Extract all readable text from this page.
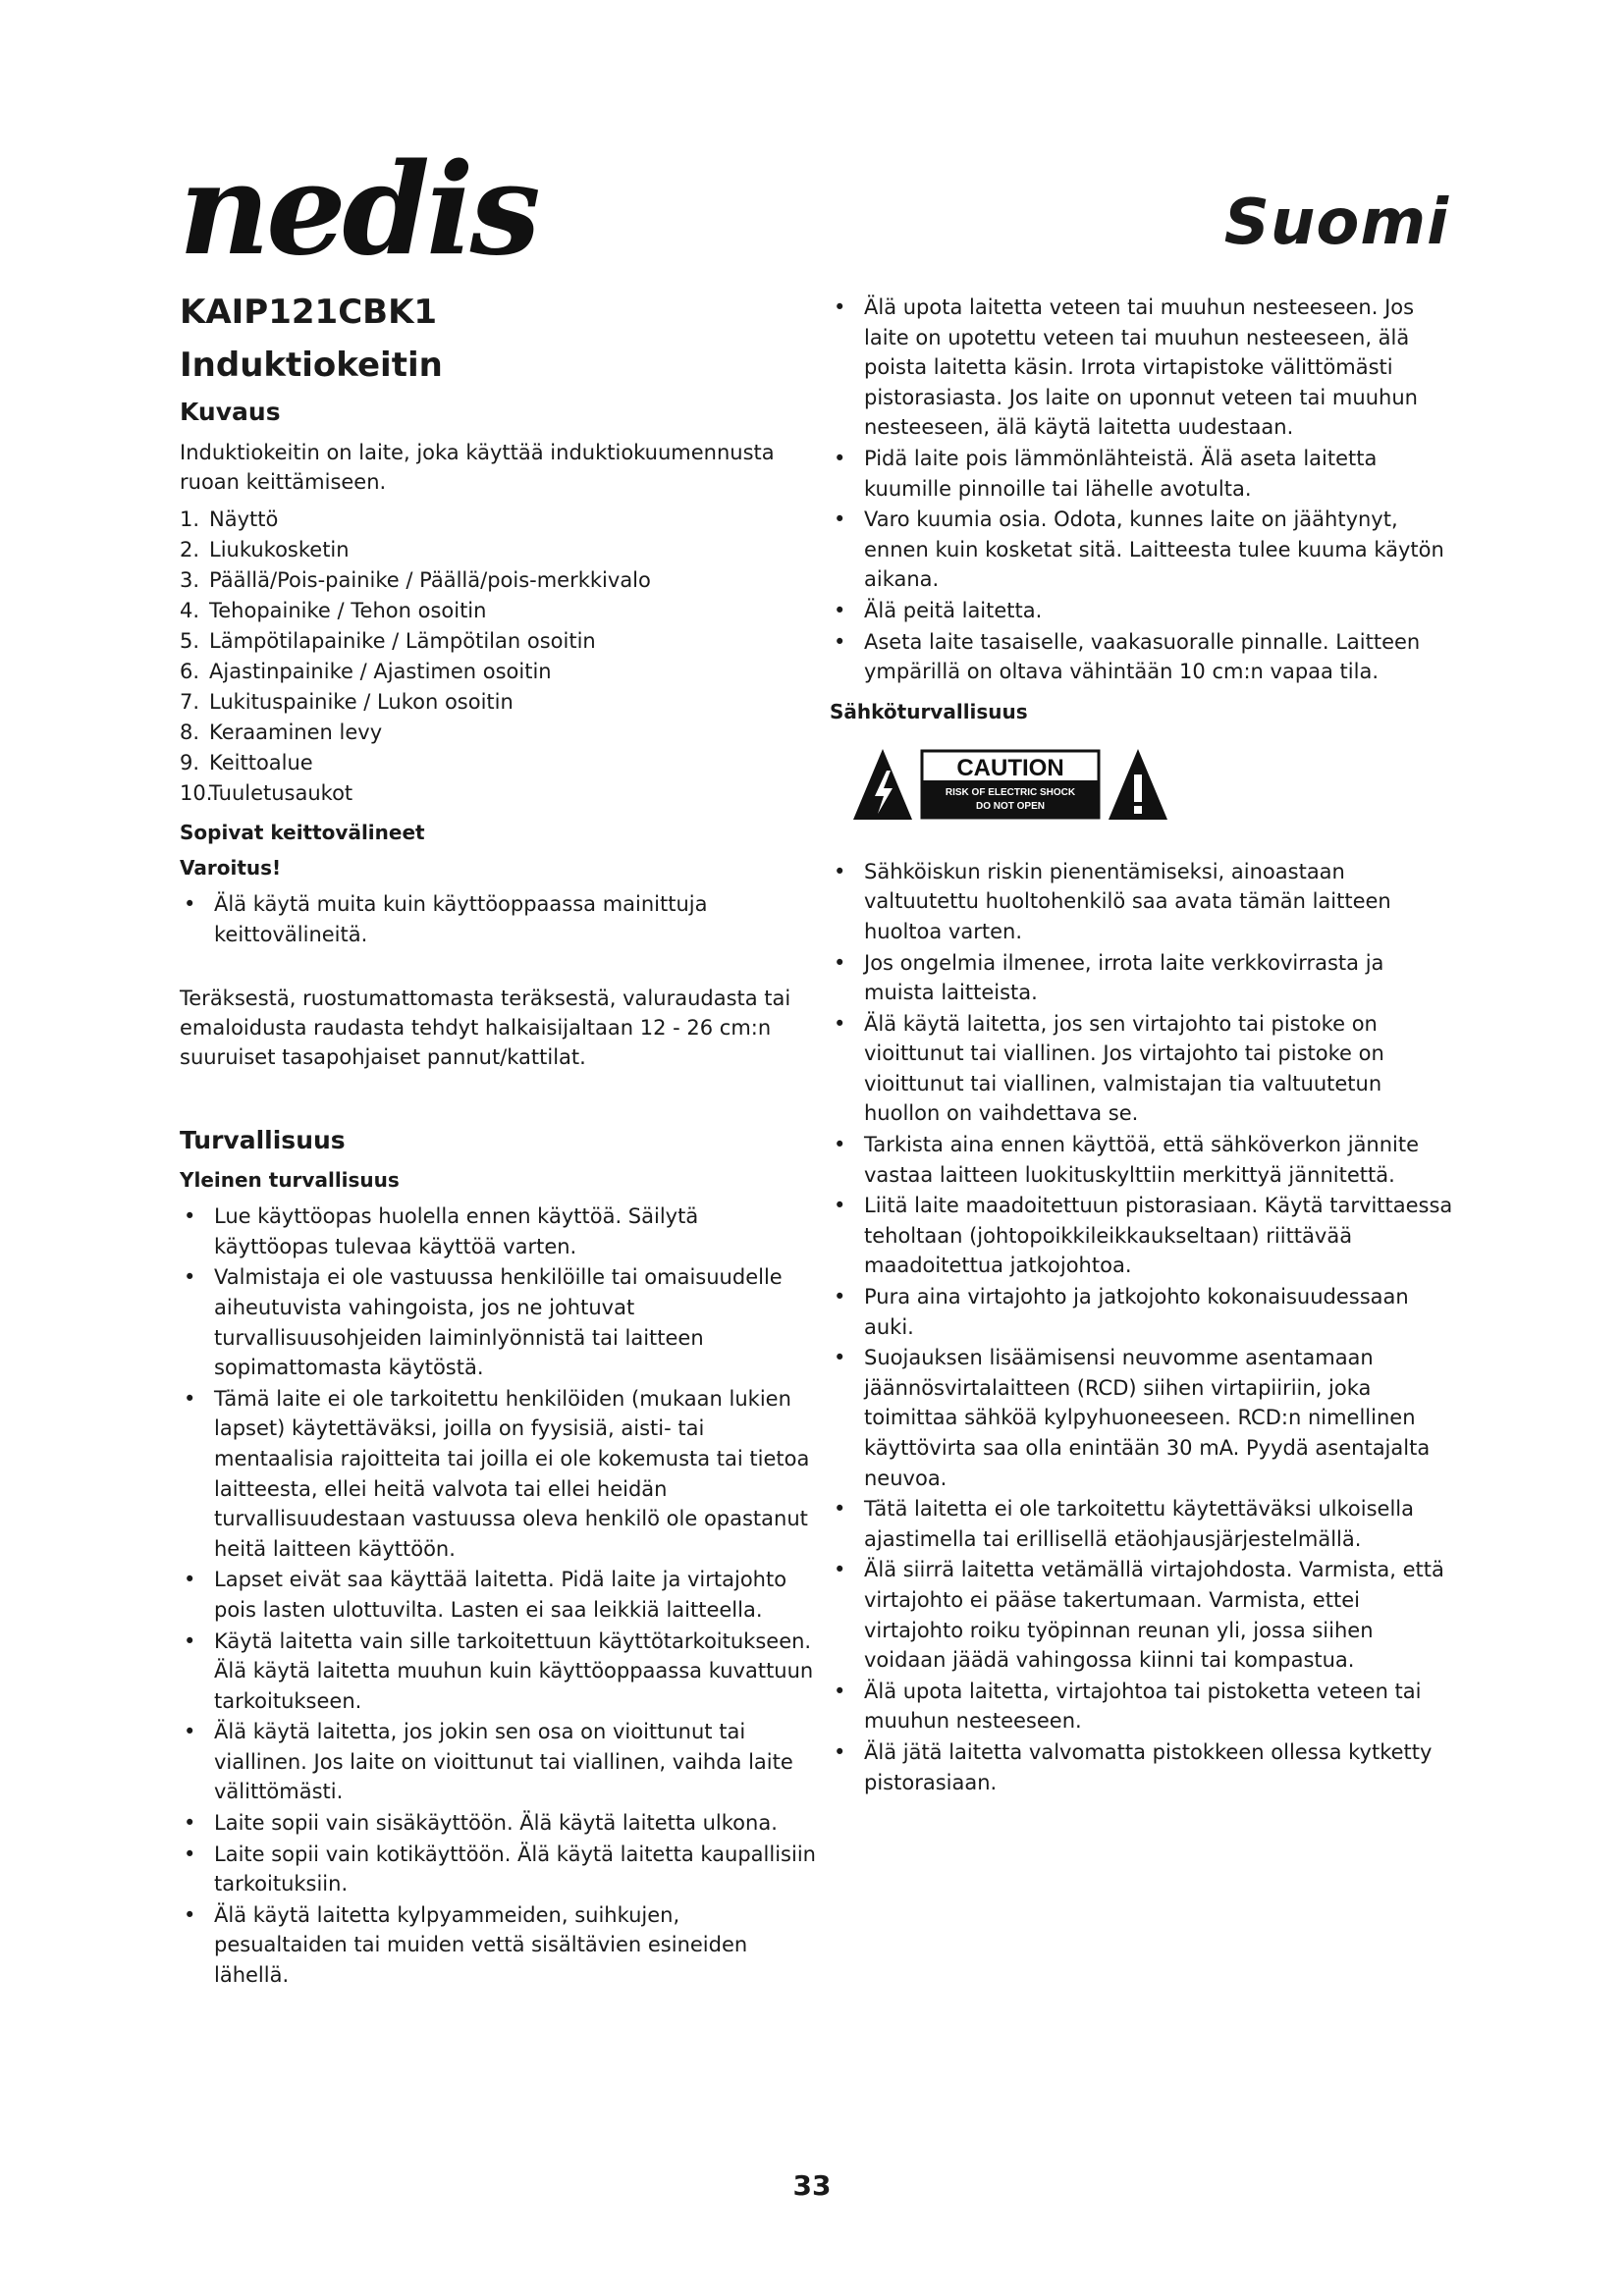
nedis	Suomi
KAIP121CBK1
Induktiokeitin
Kuvaus
Induktiokeitin on laite, joka käyttää induktiokuumennusta ruoan keittämiseen.
1. Näyttö
2. Liukukosketin
3. Päällä/Pois-painike / Päällä/pois-merkkivalo
4. Tehopainike / Tehon osoitin
5. Lämpötilapainike / Lämpötilan osoitin
6. Ajastinpainike / Ajastimen osoitin
7. Lukituspainike / Lukon osoitin
8. Keraaminen levy
9. Keittoalue
10.
Tuuletusaukot
Sopivat keittovälineet
Varoitus!
• Älä käytä muita kuin käyttöoppaassa mainittuja keittovälineitä.
Teräksestä, ruostumattomasta teräksestä, valuraudasta tai emaloidusta raudasta tehdyt halkaisijaltaan 12 - 26 cm:n suuruiset tasapohjaiset pannut/kattilat.
Turvallisuus
Yleinen turvallisuus
• Lue käyttöopas huolella ennen käyttöä. Säilytä käyttöopas tulevaa käyttöä varten.
• Valmistaja ei ole vastuussa henkilöille tai omaisuudelle aiheutuvista vahingoista, jos ne johtuvat turvallisuusohjeiden laiminlyönnistä tai laitteen sopimattomasta käytöstä.
• Tämä laite ei ole tarkoitettu henkilöiden (mukaan lukien lapset) käytettäväksi, joilla on fyysisiä, aisti- tai mentaalisia rajoitteita tai joilla ei ole kokemusta tai tietoa laitteesta, ellei heitä valvota tai ellei heidän turvallisuudestaan vastuussa oleva henkilö ole opastanut heitä laitteen käyttöön.
• Lapset eivät saa käyttää laitetta. Pidä laite ja virtajohto pois lasten ulottuvilta. Lasten ei saa leikkiä laitteella.
• Käytä laitetta vain sille tarkoitettuun käyttötarkoitukseen. Älä käytä laitetta muuhun kuin käyttöoppaassa kuvattuun tarkoitukseen.
• Älä käytä laitetta, jos jokin sen osa on vioittunut tai viallinen. Jos laite on vioittunut tai viallinen, vaihda laite välittömästi.
• Laite sopii vain sisäkäyttöön. Älä käytä laitetta ulkona.
• Laite sopii vain kotikäyttöön. Älä käytä laitetta kaupallisiin tarkoituksiin.
• Älä käytä laitetta kylpyammeiden, suihkujen, pesualtaiden tai muiden vettä sisältävien esineiden lähellä.
• Älä upota laitetta veteen tai muuhun nesteeseen. Jos laite on upotettu veteen tai muuhun nesteeseen, älä poista laitetta käsin. Irrota virtapistoke välittömästi pistorasiasta. Jos laite on uponnut veteen tai muuhun nesteeseen, älä käytä laitetta uudestaan.
• Pidä laite pois lämmönlähteistä. Älä aseta laitetta kuumille pinnoille tai lähelle avotulta.
• Varo kuumia osia. Odota, kunnes laite on jäähtynyt, ennen kuin kosketat sitä. Laitteesta tulee kuuma käytön aikana.
• Älä peitä laitetta.
• Aseta laite tasaiselle, vaakasuoralle pinnalle. Laitteen ympärillä on oltava vähintään 10 cm:n vapaa tila.
Sähköturvallisuus
CAUTION
RISK OF ELECTRIC SHOCK
DO NOT OPEN
• Sähköiskun riskin pienentämiseksi, ainoastaan valtuutettu huoltohenkilö saa avata tämän laitteen huoltoa varten.
• Jos ongelmia ilmenee, irrota laite verkkovirrasta ja muista laitteista.
• Älä käytä laitetta, jos sen virtajohto tai pistoke on vioittunut tai viallinen. Jos virtajohto tai pistoke on vioittunut tai viallinen, valmistajan tia valtuutetun huollon on vaihdettava se.
• Tarkista aina ennen käyttöä, että sähköverkon jännite vastaa laitteen luokituskylttiin merkittyä jännitettä.
• Liitä laite maadoitettuun pistorasiaan. Käytä tarvittaessa teholtaan (johtopoikkileikkaukseltaan) riittävää maadoitettua jatkojohtoa.
• Pura aina virtajohto ja jatkojohto kokonaisuudessaan auki.
• Suojauksen lisäämisensi neuvomme asentamaan jäännösvirtalaitteen (RCD) siihen virtapiiriin, joka toimittaa sähköä kylpyhuoneeseen. RCD:n nimellinen käyttövirta saa olla enintään 30 mA. Pyydä asentajalta neuvoa.
• Tätä laitetta ei ole tarkoitettu käytettäväksi ulkoisella ajastimella tai erillisellä etäohjausjärjestelmällä.
• Älä siirrä laitetta vetämällä virtajohdosta. Varmista, että virtajohto ei pääse takertumaan. Varmista, ettei virtajohto roiku työpinnan reunan yli, jossa siihen voidaan jäädä vahingossa kiinni tai kompastua.
• Älä upota laitetta, virtajohtoa tai pistoketta veteen tai muuhun nesteeseen.
• Älä jätä laitetta valvomatta pistokkeen ollessa kytketty pistorasiaan.
33
